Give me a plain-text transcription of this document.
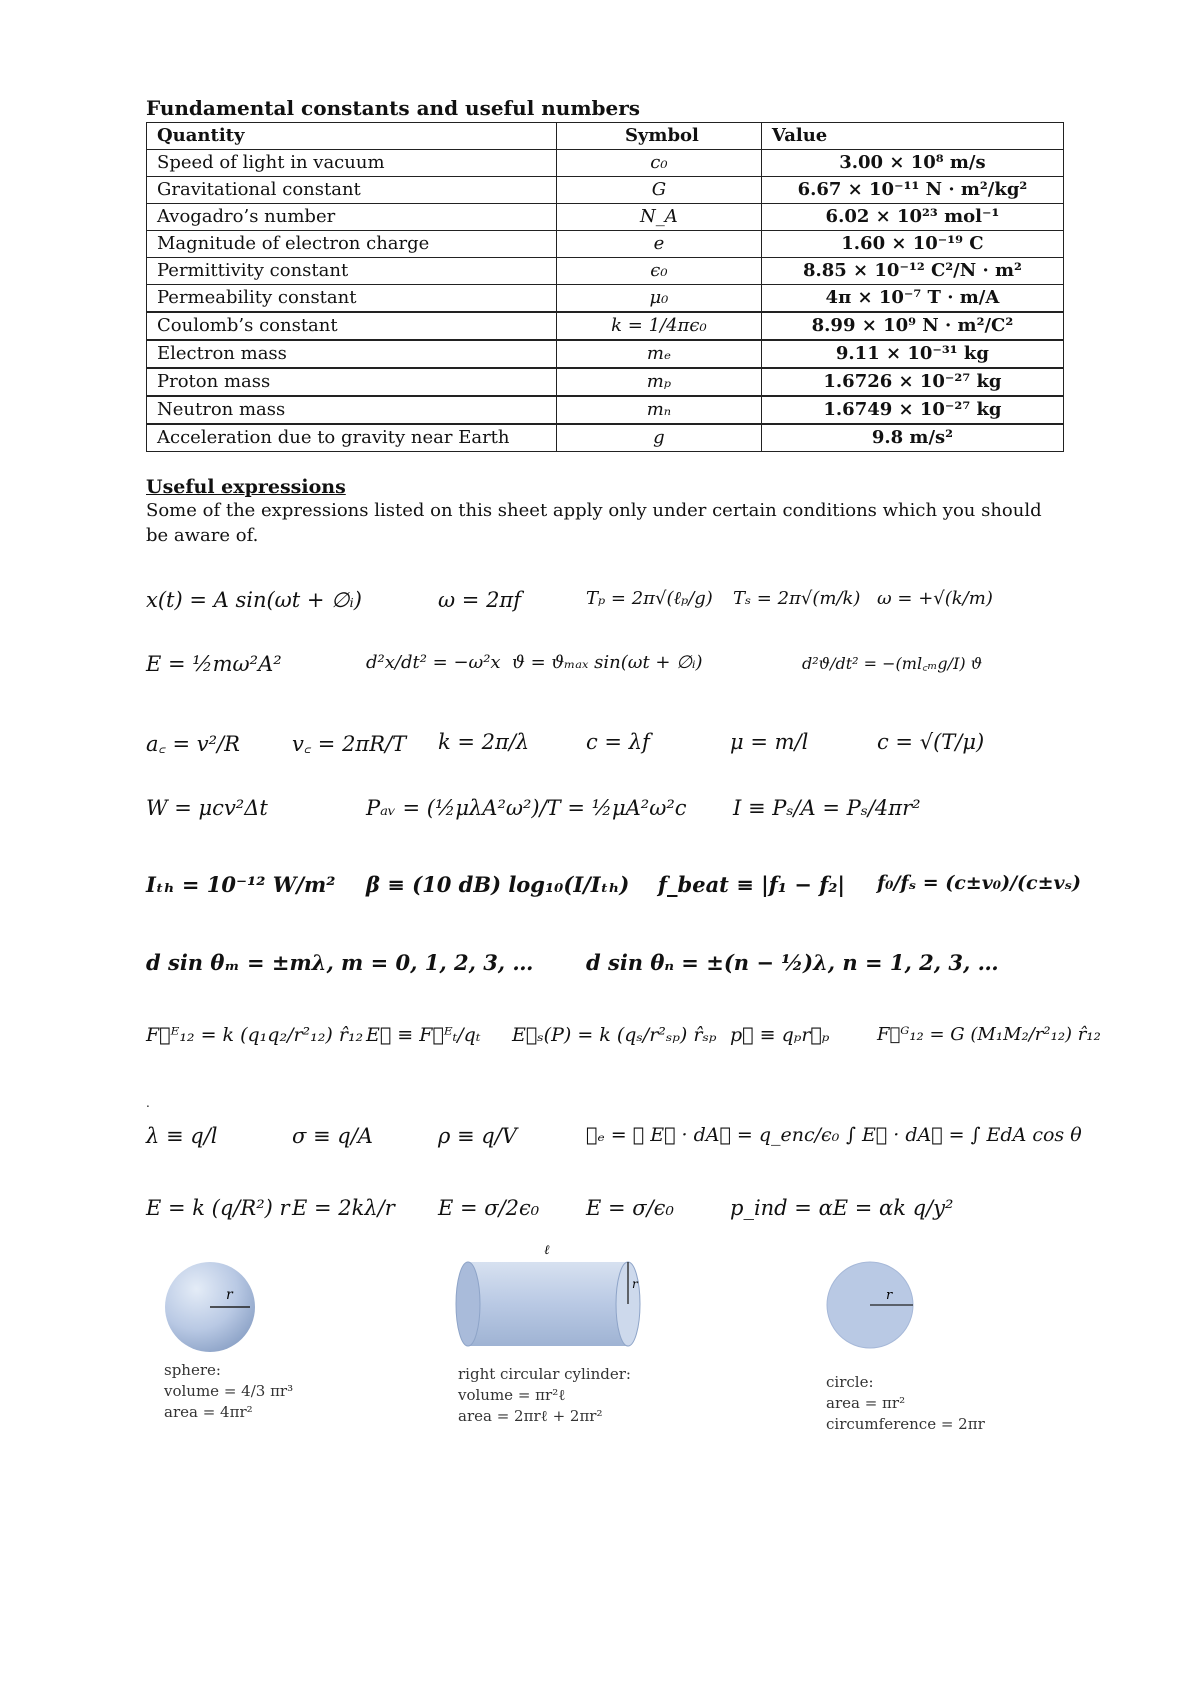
Fundamental constants and useful numbers
Quantity	Symbol	Value
Speed of light in vacuum	c₀	3.00 × 10⁸ m/s
Gravitational constant	G	6.67 × 10⁻¹¹ N · m²/kg²
Avogadro’s number	N_A	6.02 × 10²³ mol⁻¹
Magnitude of electron charge	e	1.60 × 10⁻¹⁹ C
Permittivity constant	ϵ₀	8.85 × 10⁻¹² C²/N · m²
Permeability constant	μ₀	4π × 10⁻⁷ T · m/A
Coulomb’s constant	k = 1/4πϵ₀	8.99 × 10⁹ N · m²/C²
Electron mass	mₑ	9.11 × 10⁻³¹ kg
Proton mass	mₚ	1.6726 × 10⁻²⁷ kg
Neutron mass	mₙ	1.6749 × 10⁻²⁷ kg
Acceleration due to gravity near Earth	g	9.8 m/s²
Useful expressions
Some of the expressions listed on this sheet apply only under certain conditions which you should be aware of.
x(t) = A sin(ωt + ∅ᵢ)	ω = 2πf	Tₚ = 2π√(ℓₚ/g) Tₛ = 2π√(m/k) ω = +√(k/m)
E = ½mω²A²	d²x/dt² = −ω²x ϑ = ϑₘₐₓ sin(ωt + ∅ᵢ)	d²ϑ/dt² = −(ml꜀ₘg/I) ϑ
a꜀ = v²/R v꜀ = 2πR/T k = 2π/λ	c = λf	μ = m/l	c = √(T/μ)
W = μcv²Δt	Pₐᵥ = (½μλA²ω²)/T = ½μA²ω²c I ≡ Pₛ/A = Pₛ/4πr²
Iₜₕ = 10⁻¹² W/m² β ≡ (10 dB) log₁₀(I/Iₜₕ) f_beat ≡ |f₁ − f₂| f₀/fₛ = (c±v₀)/(c±vₛ)
d sin θₘ = ±mλ, m = 0, 1, 2, 3, …	d sin θₙ = ±(n − ½)λ, n = 1, 2, 3, …
F⃗ᴱ₁₂ = k (q₁q₂/r²₁₂) r̂₁₂ E⃗ ≡ F⃗ᴱₜ/qₜ E⃗ₛ(P) = k (qₛ/r²ₛₚ) r̂ₛₚ p⃗ ≡ qₚr⃗ₚ	F⃗ᴳ₁₂ = G (M₁M₂/r²₁₂) r̂₁₂
.
λ ≡ q/l	σ ≡ q/A	ρ ≡ q/V	∅ₑ = ∮ E⃗ · dA⃗ = q_enc/ϵ₀ ∫ E⃗ · dA⃗ = ∫ EdA cos θ
E = k (q/R²) r E = 2kλ/r E = σ/2ϵ₀ E = σ/ϵ₀	p_ind = αE = αk q/y²
r
sphere:
volume = 4/3 πr³
area = 4πr²
r
ℓ
right circular cylinder:
volume = πr²ℓ
area = 2πrℓ + 2πr²
r
circle:
area = πr²
circumference = 2πr
